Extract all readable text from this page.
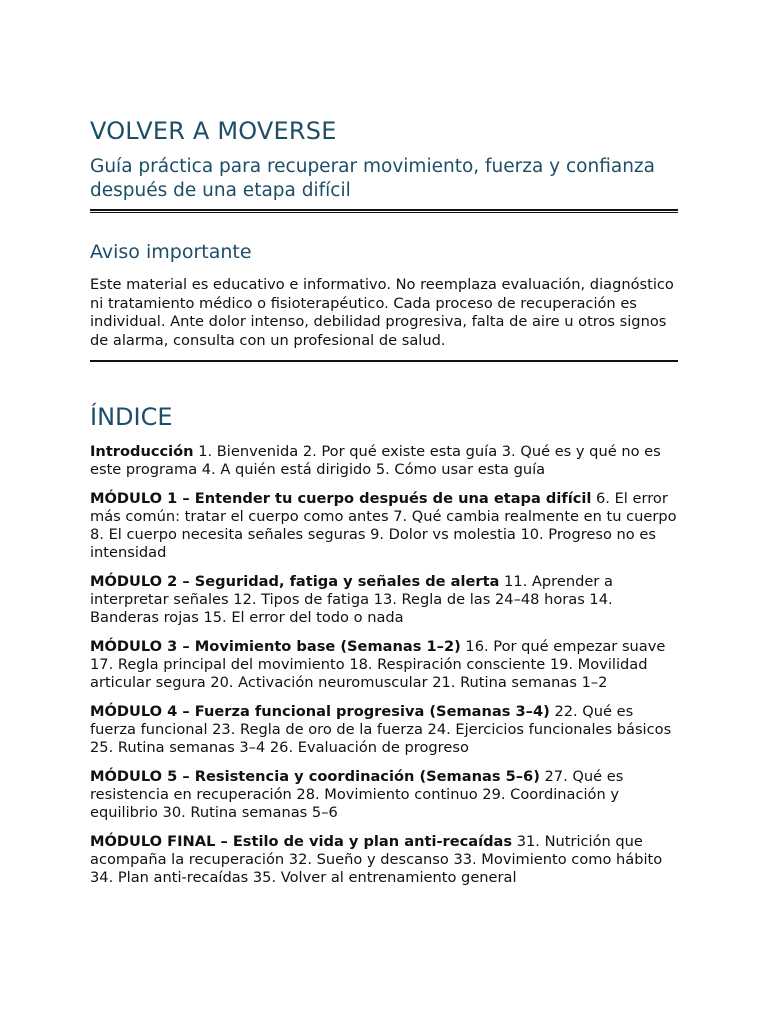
VOLVER A MOVERSE
Guía práctica para recuperar movimiento, fuerza y confianza después de una etapa difícil
Aviso importante

Este material es educativo e informativo. No reemplaza evaluación, diagnóstico ni tratamiento médico o fisioterapéutico. Cada proceso de recuperación es individual. Ante dolor intenso, debilidad progresiva, falta de aire u otros signos de alarma, consulta con un profesional de salud.

ÍNDICE

Introducción 1. Bienvenida 2. Por qué existe esta guía 3. Qué es y qué no es este programa 4. A quién está dirigido 5. Cómo usar esta guía

MÓDULO 1 – Entender tu cuerpo después de una etapa difícil 6. El error más común: tratar el cuerpo como antes 7. Qué cambia realmente en tu cuerpo 8. El cuerpo necesita señales seguras 9. Dolor vs molestia 10. Progreso no es intensidad

MÓDULO 2 – Seguridad, fatiga y señales de alerta 11. Aprender a interpretar señales 12. Tipos de fatiga 13. Regla de las 24–48 horas 14. Banderas rojas 15. El error del todo o nada

MÓDULO 3 – Movimiento base (Semanas 1–2) 16. Por qué empezar suave 17. Regla principal del movimiento 18. Respiración consciente 19. Movilidad articular segura 20. Activación neuromuscular 21. Rutina semanas 1–2

MÓDULO 4 – Fuerza funcional progresiva (Semanas 3–4) 22. Qué es fuerza funcional 23. Regla de oro de la fuerza 24. Ejercicios funcionales básicos 25. Rutina semanas 3–4 26. Evaluación de progreso

MÓDULO 5 – Resistencia y coordinación (Semanas 5–6) 27. Qué es resistencia en recuperación 28. Movimiento continuo 29. Coordinación y equilibrio 30. Rutina semanas 5–6

MÓDULO FINAL – Estilo de vida y plan anti-recaídas 31. Nutrición que acompaña la recuperación 32. Sueño y descanso 33. Movimiento como hábito 34. Plan anti-recaídas 35. Volver al entrenamiento general
